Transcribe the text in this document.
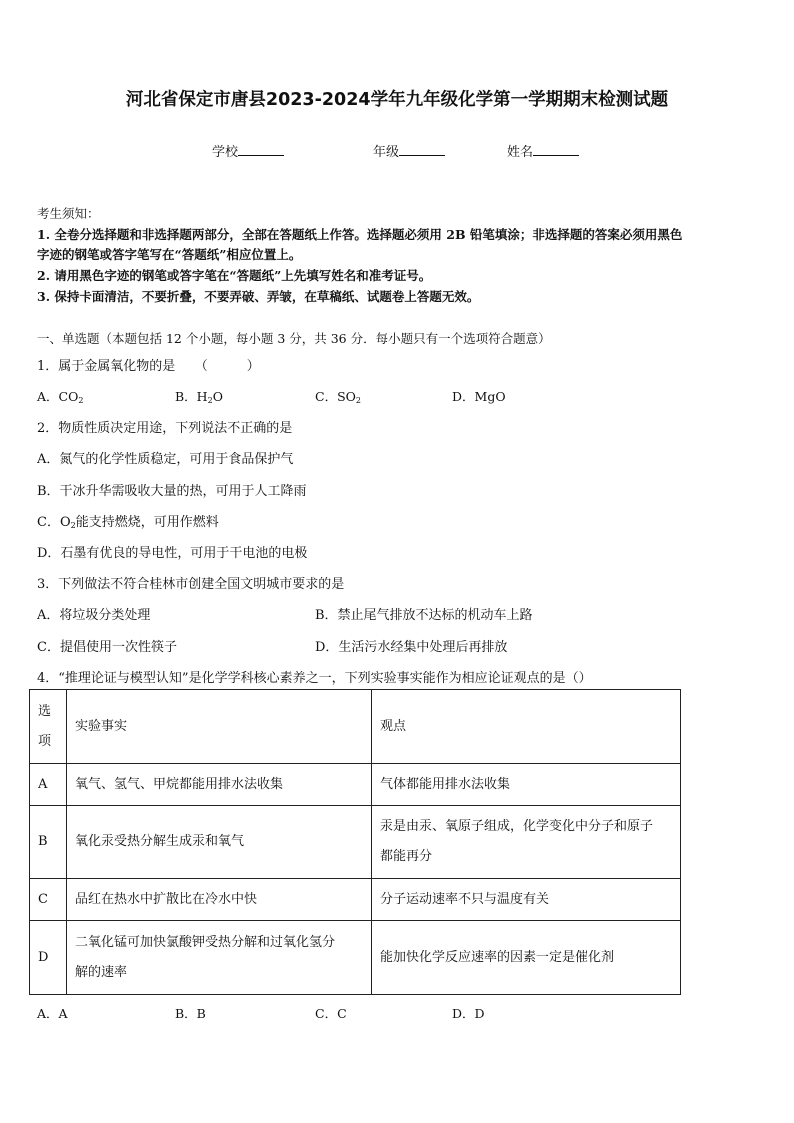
河北省保定市唐县2023-2024学年九年级化学第一学期期末检测试题
学校	年级	姓名
考生须知：
1. 全卷分选择题和非选择题两部分，全部在答题纸上作答。选择题必须用 2B 铅笔填涂；非选择题的答案必须用黑色
字迹的钢笔或答字笔写在“答题纸”相应位置上。
2. 请用黑色字迹的钢笔或答字笔在“答题纸”上先填写姓名和准考证号。
3. 保持卡面清洁，不要折叠，不要弄破、弄皱，在草稿纸、试题卷上答题无效。
一、单选题（本题包括 12 个小题，每小题 3 分，共 36 分．每小题只有一个选项符合题意）
1．属于金属氧化物的是　　（　　　）
A．$CO_2$	B．$H_2O$	C．$SO_2$	D．MgO
2．物质性质决定用途，下列说法不正确的是
A．氮气的化学性质稳定，可用于食品保护气
B．干冰升华需吸收大量的热，可用于人工降雨
C．$O_2$能支持燃烧，可用作燃料
D．石墨有优良的导电性，可用于干电池的电极
3．下列做法不符合桂林市创建全国文明城市要求的是
A．将垃圾分类处理	B．禁止尾气排放不达标的机动车上路
C．提倡使用一次性筷子	D．生活污水经集中处理后再排放
4．“推理论证与模型认知”是化学学科核心素养之一，下列实验事实能作为相应论证观点的是（）
选
项	实验事实	观点
A	氧气、氢气、甲烷都能用排水法收集	气体都能用排水法收集

B	氧化汞受热分解生成汞和氧气	汞是由汞、氧原子组成，化学变化中分子和原子
都能再分

C	品红在热水中扩散比在冷水中快	分子运动速率不只与温度有关

D	二氧化锰可加快氯酸钾受热分解和过氧化氢分
解的速率	能加快化学反应速率的因素一定是催化剂
A．A	B．B	C．C	D．D
